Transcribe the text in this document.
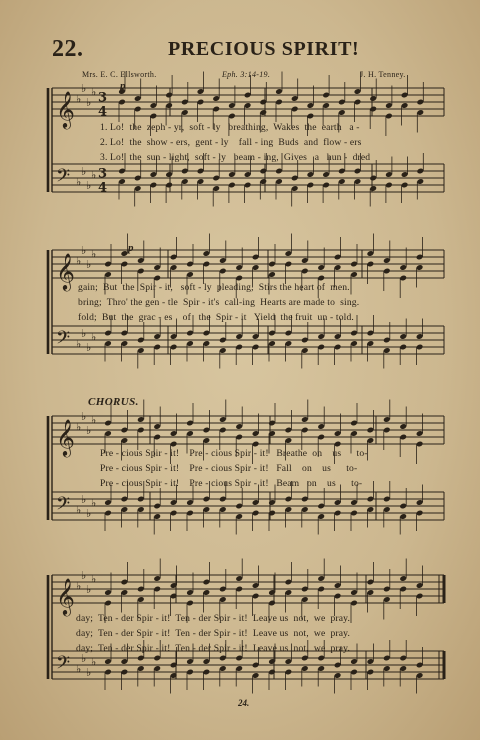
22.	PRECIOUS SPIRIT!
Mrs. E. C. Ellsworth.	Eph. 3:14-19.	J. H. Tenney.
𝄞
𝄢
♭
♭
♭
♭
♭
♭
♭
♭
3
4
3
4
𝄞
𝄢
♭
♭
♭
♭
♭
♭
♭
♭
𝄞
𝄢
♭
♭
♭
♭
♭
♭
♭
♭
𝄞
𝄢
♭
♭
♭
♭
♭
♭
♭
♭
p
p
1. Lo!  the  zeph - yr,  soft - ly   breathing,  Wakes  the  earth   a -
2. Lo!  the  show - ers,  gent - ly    fall - ing  Buds  and  flow - ers
3. Lo!  the  sun - light,  soft - ly   beam - ing,  Gives   a   hun -  dred
gain;  But  the  Spir - it,   soft - ly  pleading,  Stirs the heart of  men.
bring;  Thro' the gen - tle  Spir - it's  call-ing  Hearts are made to  sing.
fold;  But  the  grac - es    of   the  Spir - it   Yield  the fruit  un - told.
CHORUS.
Pre - cious Spir - it!    Pre - cious Spir - it!   Breathe  on    us      to-
Pre - cious Spir - it!    Pre - cious Spir - it!   Fall    on    us      to-
Pre - cious Spir - it!    Pre - cious Spir - it!   Beam   on    us      to-
day;  Ten - der Spir - it!  Ten - der Spir - it!  Leave us  not,  we  pray.
day;  Ten - der Spir - it!  Ten - der Spir - it!  Leave us  not,  we  pray.
day;  Ten - der Spir - it!  Ten - der Spir - it!  Leave us  not,  we  pray.
24.
